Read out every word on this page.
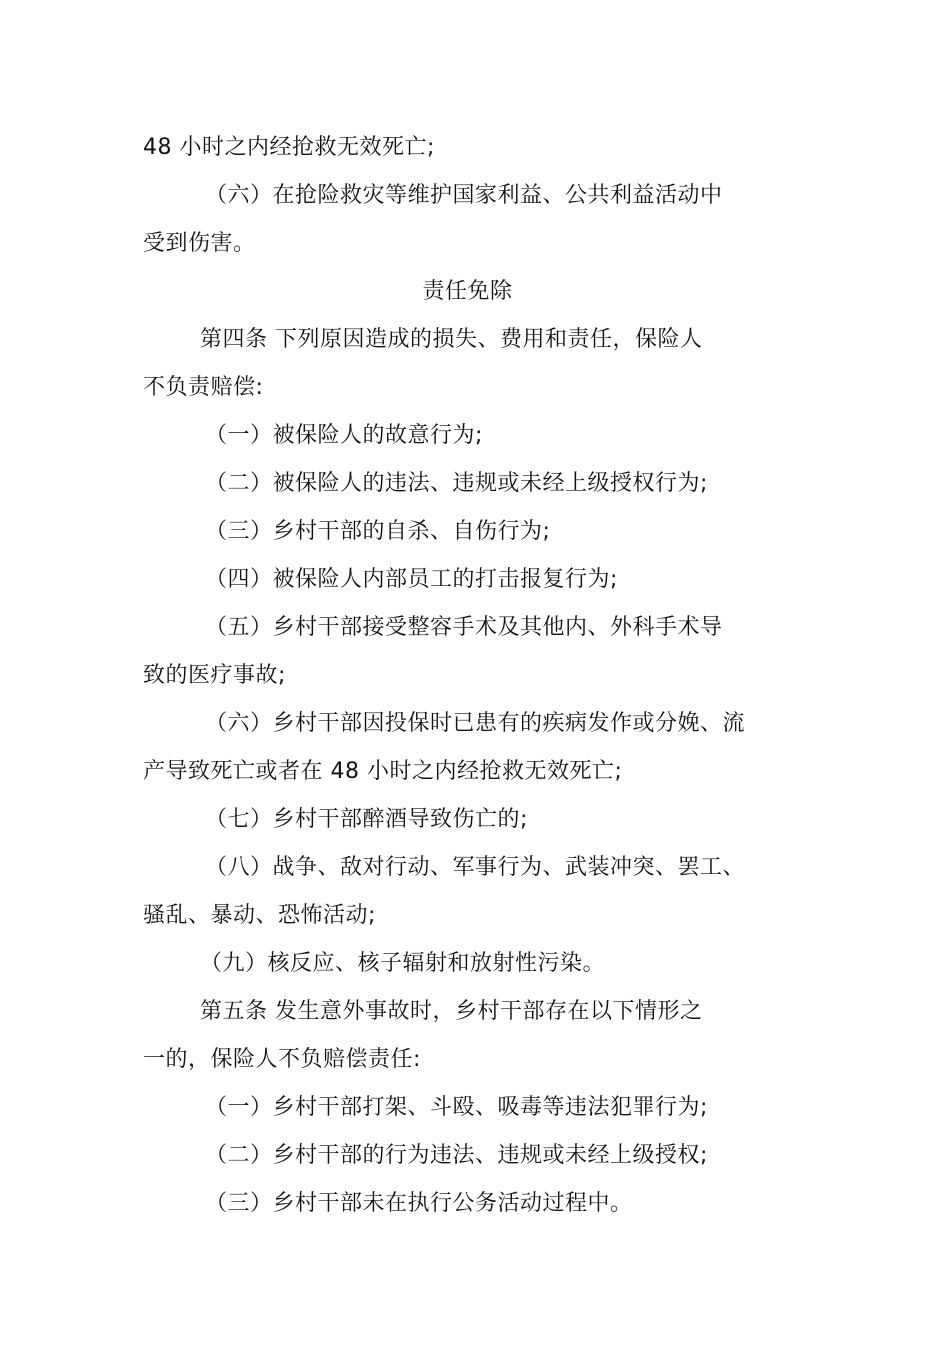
48 小时之内经抢救无效死亡;
（六）在抢险救灾等维护国家利益、公共利益活动中
受到伤害。
责任免除
第四条 下列原因造成的损失、费用和责任，保险人
不负责赔偿:
（一）被保险人的故意行为;
（二）被保险人的违法、违规或未经上级授权行为;
（三）乡村干部的自杀、自伤行为;
（四）被保险人内部员工的打击报复行为;
（五）乡村干部接受整容手术及其他内、外科手术导
致的医疗事故;
（六）乡村干部因投保时已患有的疾病发作或分娩、流
产导致死亡或者在 48 小时之内经抢救无效死亡;
（七）乡村干部醉酒导致伤亡的;
（八）战争、敌对行动、军事行为、武装冲突、罢工、
骚乱、暴动、恐怖活动;
（九）核反应、核子辐射和放射性污染。
第五条 发生意外事故时，乡村干部存在以下情形之
一的，保险人不负赔偿责任:
（一）乡村干部打架、斗殴、吸毒等违法犯罪行为;
（二）乡村干部的行为违法、违规或未经上级授权;
（三）乡村干部未在执行公务活动过程中。
